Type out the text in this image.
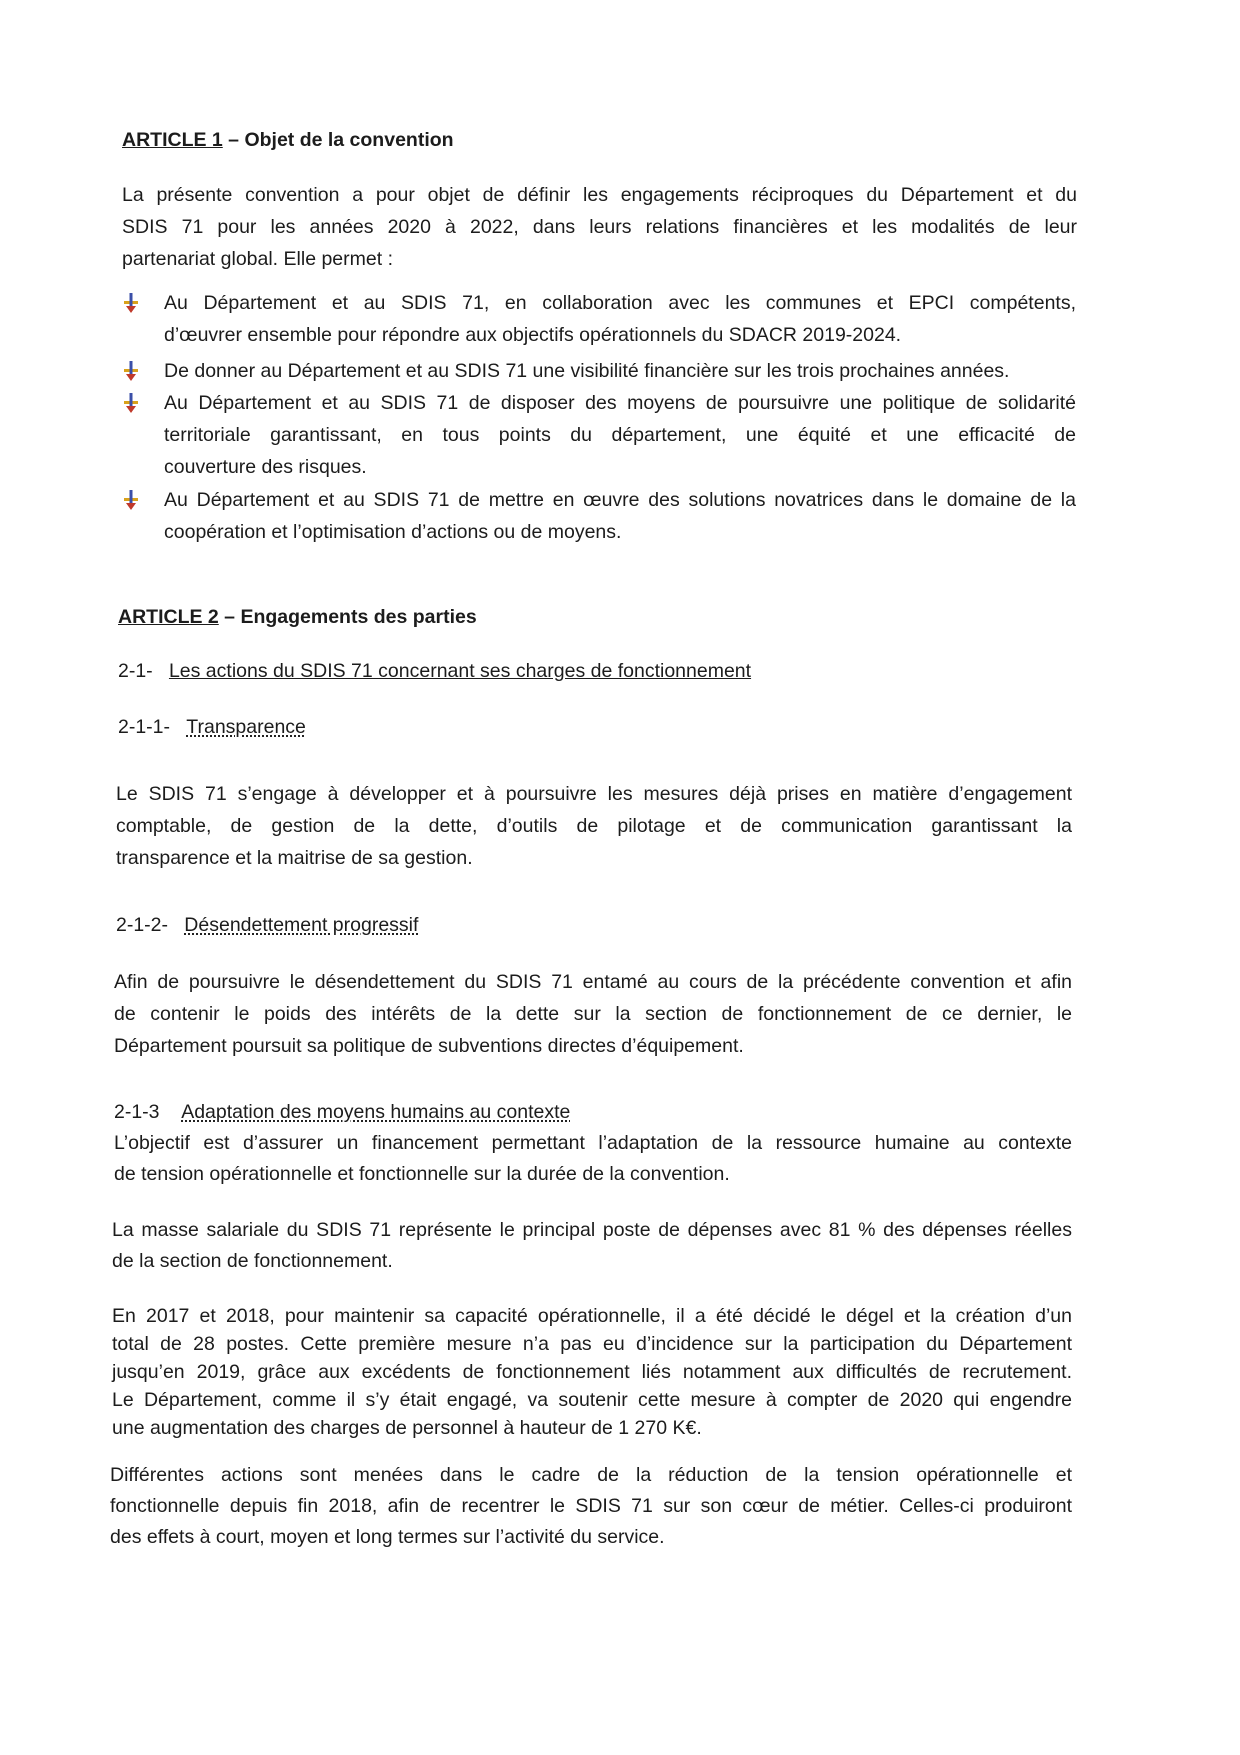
ARTICLE 1 – Objet de la convention
La présente convention a pour objet de définir les engagements réciproques du Département et du
SDIS 71 pour les années 2020 à 2022, dans leurs relations financières et les modalités de leur
partenariat global. Elle permet :
Au Département et au SDIS 71, en collaboration avec les communes et EPCI compétents,
d’œuvrer ensemble pour répondre aux objectifs opérationnels du SDACR 2019-2024.
De donner au Département et au SDIS 71 une visibilité financière sur les trois prochaines années.
Au Département et au SDIS 71 de disposer des moyens de poursuivre une politique de solidarité
territoriale garantissant, en tous points du département, une équité et une efficacité de
couverture des risques.
Au Département et au SDIS 71 de mettre en œuvre des solutions novatrices dans le domaine de la
coopération et l’optimisation d’actions ou de moyens.
ARTICLE 2 – Engagements des parties
2-1- Les actions du SDIS 71 concernant ses charges de fonctionnement
2-1-1- Transparence
Le SDIS 71 s’engage à développer et à poursuivre les mesures déjà prises en matière d’engagement
comptable, de gestion de la dette, d’outils de pilotage et de communication garantissant la
transparence et la maitrise de sa gestion.
2-1-2- Désendettement progressif
Afin de poursuivre le désendettement du SDIS 71 entamé au cours de la précédente convention et afin
de contenir le poids des intérêts de la dette sur la section de fonctionnement de ce dernier, le
Département poursuit sa politique de subventions directes d’équipement.
2-1-3 Adaptation des moyens humains au contexte
L’objectif est d’assurer un financement permettant l’adaptation de la ressource humaine au contexte
de tension opérationnelle et fonctionnelle sur la durée de la convention.
La masse salariale du SDIS 71 représente le principal poste de dépenses avec 81 % des dépenses réelles
de la section de fonctionnement.
En 2017 et 2018, pour maintenir sa capacité opérationnelle, il a été décidé le dégel et la création d’un
total de 28 postes. Cette première mesure n’a pas eu d’incidence sur la participation du Département
jusqu’en 2019, grâce aux excédents de fonctionnement liés notamment aux difficultés de recrutement.
Le Département, comme il s’y était engagé, va soutenir cette mesure à compter de 2020 qui engendre
une augmentation des charges de personnel à hauteur de 1 270 K€.
Différentes actions sont menées dans le cadre de la réduction de la tension opérationnelle et
fonctionnelle depuis fin 2018, afin de recentrer le SDIS 71 sur son cœur de métier. Celles-ci produiront
des effets à court, moyen et long termes sur l’activité du service.
